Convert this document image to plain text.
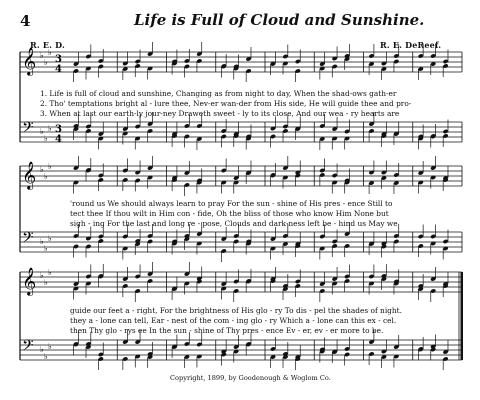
4	Life is Full of Cloud and Sunshine.
R. E. D.	R. E. DeReef.
𝄞 ♭
♭
♭
3
4
𝄢 ♭
♭
♭ 3
4
𝄞 ♭
♭
♭
𝄢 ♭
♭
♭
𝄞 ♭
♭
♭
𝄢 ♭
♭
♭
1. Life is full of cloud and sunshine, Changing as from night to day, When the shad-ows gath-er
2. Tho' temptations bright al - lure thee, Nev-er wan-der from His side, He will guide thee and pro-
3. When at last our earth-ly jour-ney Draweth sweet - ly to its close, And our wea - ry hearts are
'round us We should always learn to pray For the sun - shine of His pres - ence Still to
tect thee If thou wilt in Him con - fide, Oh the bliss of those who know Him None but
sigh - ing For the last and long re - pose, Clouds and dark-ness left be - hind us May we
guide our feet a - right, For the brightness of His glo - ry To dis - pel the shades of night.
they a - lone can tell, Ear - nest of the com - ing glo - ry Which a - lone can this ex - cel.
then Thy glo - rys ee In the sun - shine of Thy pres - ence Ev - er, ev - er more to be.
Copyright, 1899, by Goodenough & Woglom Co.
